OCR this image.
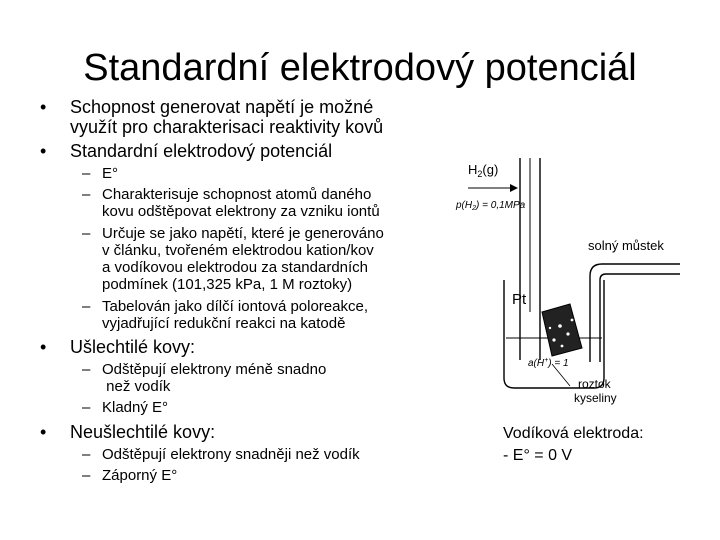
Standardní elektrodový potenciál
• Schopnost generovat napětí je možné
využít pro charakterisaci reaktivity kovů
• Standardní elektrodový potenciál
– E°
– Charakterisuje schopnost atomů daného
kovu odštěpovat elektrony za vzniku iontů
– Určuje se jako napětí, které je generováno
v článku, tvořeném elektrodou kation/kov
a vodíkovou elektrodou za standardních
podmínek (101,325 kPa, 1 M roztoky)
– Tabelován jako dílčí iontová poloreakce,
vyjadřující redukční reakci na katodě
• Ušlechtilé kovy:
– Odštěpují elektrony méně snadno
než vodík
– Kladný E°
• Neušlechtilé kovy:
– Odštěpují elektrony snadněji než vodík
– Záporný E°
$H_2(g)$
$p(H_2) = 0,1MPa$
solný můstek
Pt
a(H+) = 1
roztok
kyseliny
Vodíková elektroda:
- E° = 0 V
